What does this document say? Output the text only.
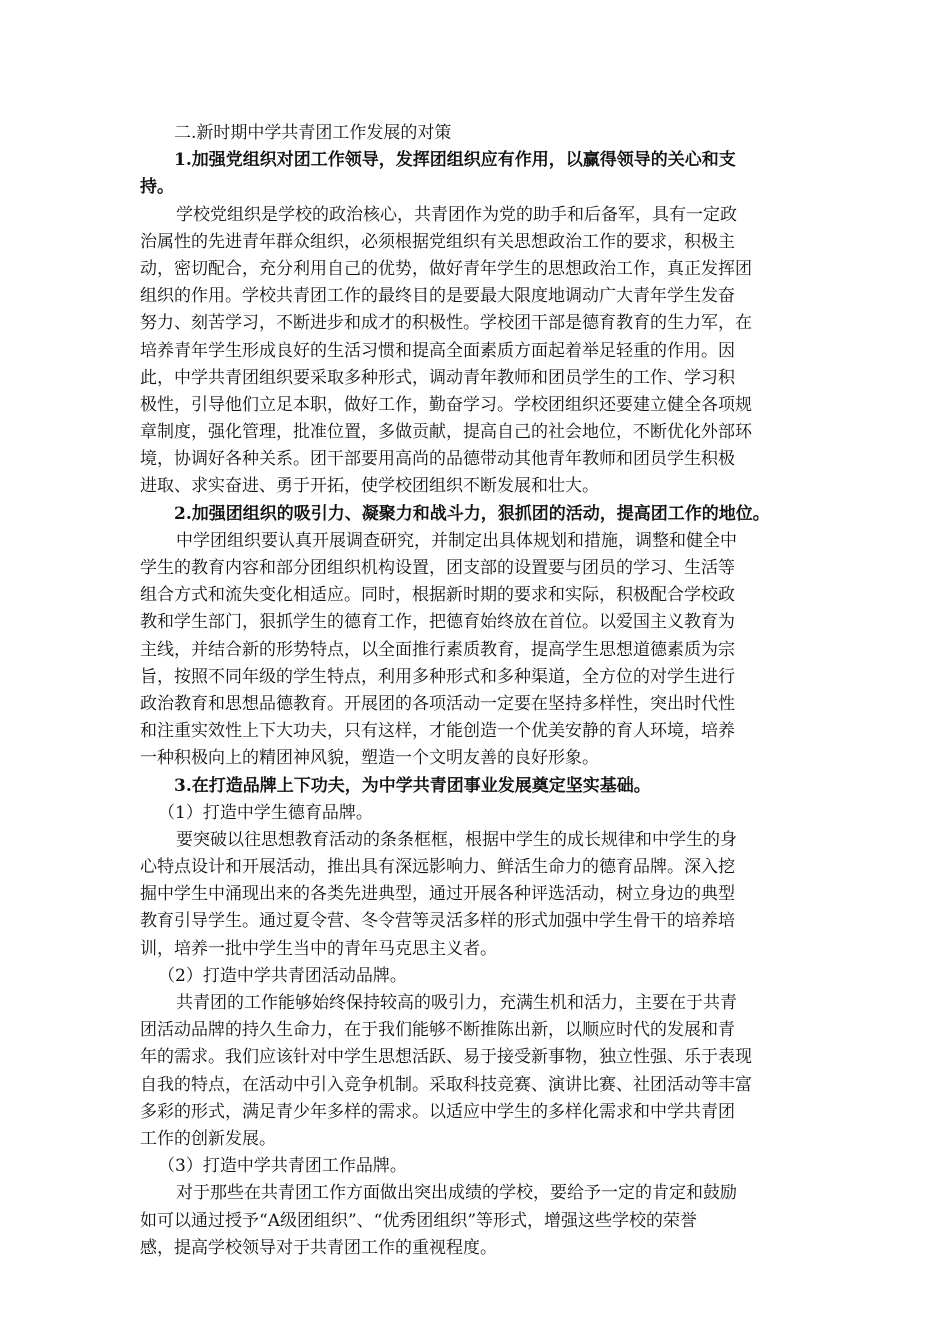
二.新时期中学共青团工作发展的对策
1.加强党组织对团工作领导，发挥团组织应有作用，以赢得领导的关心和支
持。
学校党组织是学校的政治核心，共青团作为党的助手和后备军，具有一定政
治属性的先进青年群众组织，必须根据党组织有关思想政治工作的要求，积极主
动，密切配合，充分利用自己的优势，做好青年学生的思想政治工作，真正发挥团
组织的作用。学校共青团工作的最终目的是要最大限度地调动广大青年学生发奋
努力、刻苦学习，不断进步和成才的积极性。学校团干部是德育教育的生力军，在
培养青年学生形成良好的生活习惯和提高全面素质方面起着举足轻重的作用。因
此，中学共青团组织要采取多种形式，调动青年教师和团员学生的工作、学习积
极性，引导他们立足本职，做好工作，勤奋学习。学校团组织还要建立健全各项规
章制度，强化管理，批准位置，多做贡献，提高自己的社会地位，不断优化外部环
境，协调好各种关系。团干部要用高尚的品德带动其他青年教师和团员学生积极
进取、求实奋进、勇于开拓，使学校团组织不断发展和壮大。
2.加强团组织的吸引力、凝聚力和战斗力，狠抓团的活动，提高团工作的地位。
中学团组织要认真开展调查研究，并制定出具体规划和措施，调整和健全中
学生的教育内容和部分团组织机构设置，团支部的设置要与团员的学习、生活等
组合方式和流失变化相适应。同时，根据新时期的要求和实际，积极配合学校政
教和学生部门，狠抓学生的德育工作，把德育始终放在首位。以爱国主义教育为
主线，并结合新的形势特点，以全面推行素质教育，提高学生思想道德素质为宗
旨，按照不同年级的学生特点，利用多种形式和多种渠道，全方位的对学生进行
政治教育和思想品德教育。开展团的各项活动一定要在坚持多样性，突出时代性
和注重实效性上下大功夫，只有这样，才能创造一个优美安静的育人环境，培养
一种积极向上的精团神风貌，塑造一个文明友善的良好形象。
3.在打造品牌上下功夫，为中学共青团事业发展奠定坚实基础。
（1）打造中学生德育品牌。
要突破以往思想教育活动的条条框框，根据中学生的成长规律和中学生的身
心特点设计和开展活动，推出具有深远影响力、鲜活生命力的德育品牌。深入挖
掘中学生中涌现出来的各类先进典型，通过开展各种评选活动，树立身边的典型
教育引导学生。通过夏令营、冬令营等灵活多样的形式加强中学生骨干的培养培
训，培养一批中学生当中的青年马克思主义者。
（2）打造中学共青团活动品牌。
共青团的工作能够始终保持较高的吸引力，充满生机和活力，主要在于共青
团活动品牌的持久生命力，在于我们能够不断推陈出新，以顺应时代的发展和青
年的需求。我们应该针对中学生思想活跃、易于接受新事物，独立性强、乐于表现
自我的特点，在活动中引入竞争机制。采取科技竞赛、演讲比赛、社团活动等丰富
多彩的形式，满足青少年多样的需求。以适应中学生的多样化需求和中学共青团
工作的创新发展。
（3）打造中学共青团工作品牌。
对于那些在共青团工作方面做出突出成绩的学校，要给予一定的肯定和鼓励
如可以通过授予“A级团组织”、“优秀团组织”等形式，增强这些学校的荣誉
感，提高学校领导对于共青团工作的重视程度。
